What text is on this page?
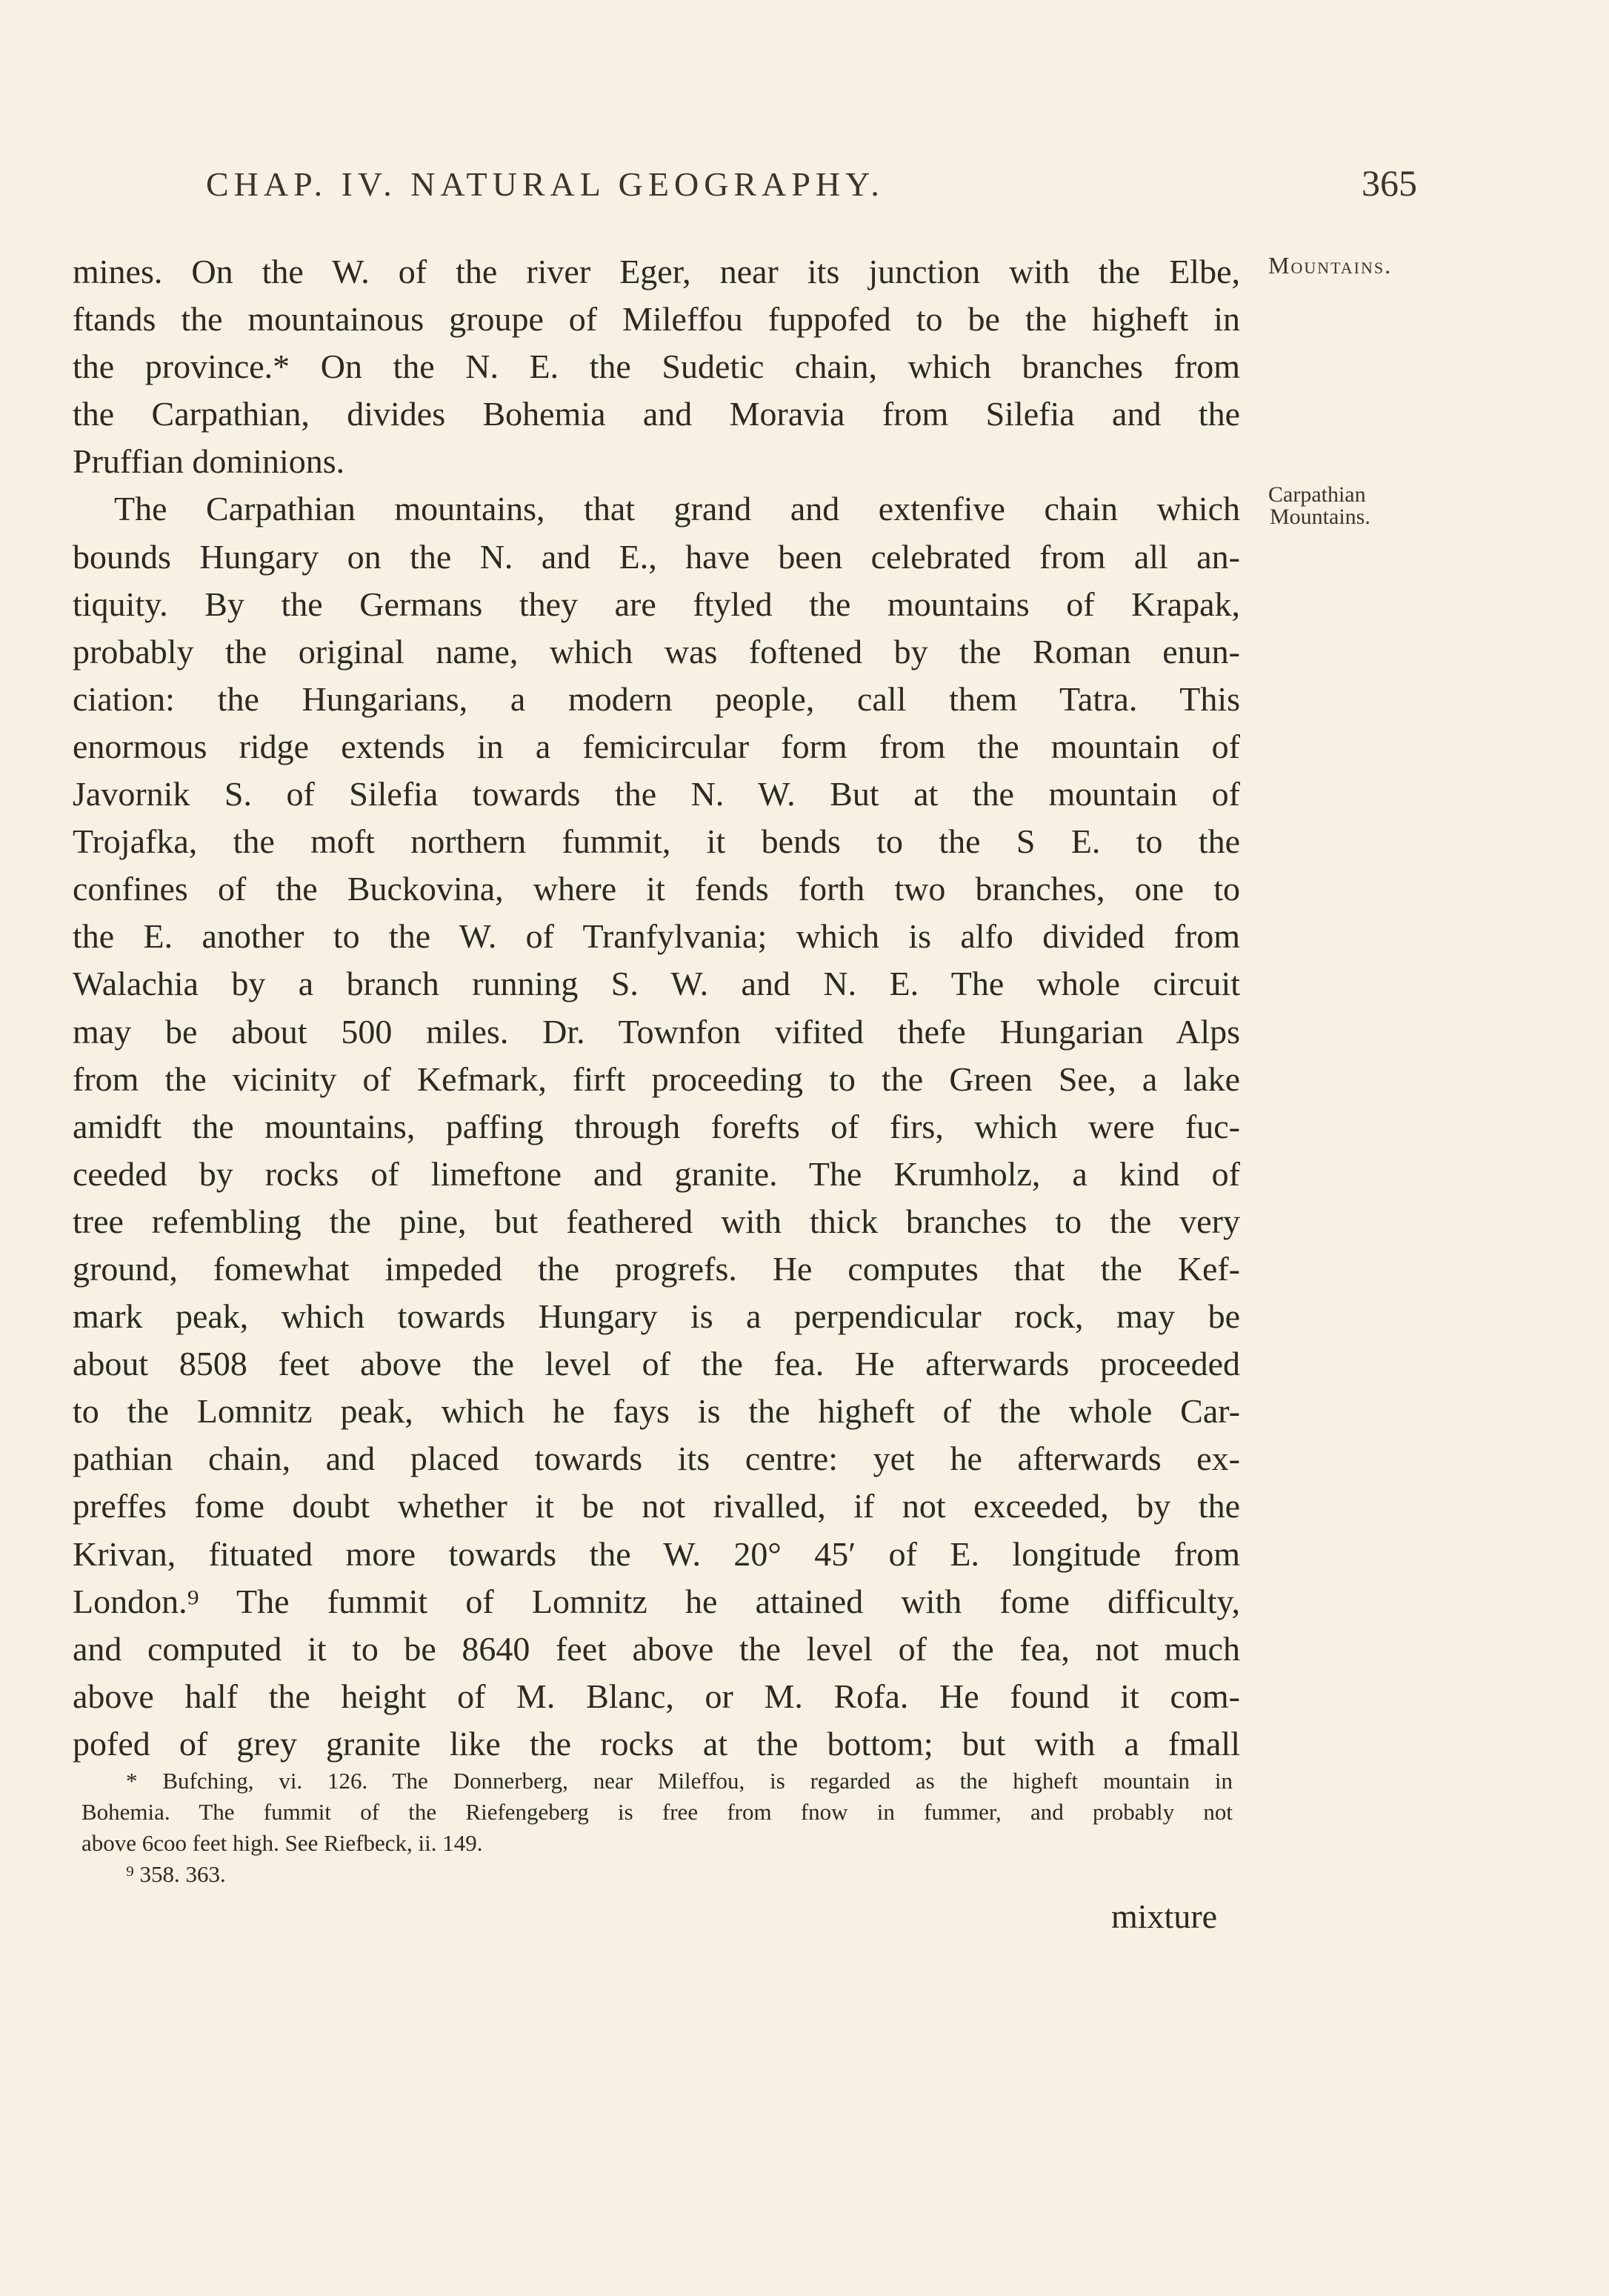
CHAP. IV. NATURAL GEOGRAPHY.	365
Mountains.
Carpathian
Mountains.
mines. On the W. of the river Eger, near its junction with the Elbe,
ftands the mountainous groupe of Mileffou fuppofed to be the higheft in
the province.* On the N. E. the Sudetic chain, which branches from
the Carpathian, divides Bohemia and Moravia from Silefia and the
Pruffian dominions.
The Carpathian mountains, that grand and extenfive chain which
bounds Hungary on the N. and E., have been celebrated from all an-
tiquity. By the Germans they are ftyled the mountains of Krapak,
probably the original name, which was foftened by the Roman enun-
ciation: the Hungarians, a modern people, call them Tatra. This
enormous ridge extends in a femicircular form from the mountain of
Javornik S. of Silefia towards the N. W. But at the mountain of
Trojafka, the moft northern fummit, it bends to the S E. to the
confines of the Buckovina, where it fends forth two branches, one to
the E. another to the W. of Tranfylvania; which is alfo divided from
Walachia by a branch running S. W. and N. E. The whole circuit
may be about 500 miles. Dr. Townfon vifited thefe Hungarian Alps
from the vicinity of Kefmark, firft proceeding to the Green See, a lake
amidft the mountains, paffing through forefts of firs, which were fuc-
ceeded by rocks of limeftone and granite. The Krumholz, a kind of
tree refembling the pine, but feathered with thick branches to the very
ground, fomewhat impeded the progrefs. He computes that the Kef-
mark peak, which towards Hungary is a perpendicular rock, may be
about 8508 feet above the level of the fea. He afterwards proceeded
to the Lomnitz peak, which he fays is the higheft of the whole Car-
pathian chain, and placed towards its centre: yet he afterwards ex-
preffes fome doubt whether it be not rivalled, if not exceeded, by the
Krivan, fituated more towards the W. 20° 45′ of E. longitude from
London.⁹ The fummit of Lomnitz he attained with fome difficulty,
and computed it to be 8640 feet above the level of the fea, not much
above half the height of M. Blanc, or M. Rofa. He found it com-
pofed of grey granite like the rocks at the bottom; but with a fmall
* Bufching, vi. 126. The Donnerberg, near Mileffou, is regarded as the higheft mountain in
Bohemia. The fummit of the Riefengeberg is free from fnow in fummer, and probably not
above 6coo feet high. See Riefbeck, ii. 149.
⁹ 358. 363.
mixture
